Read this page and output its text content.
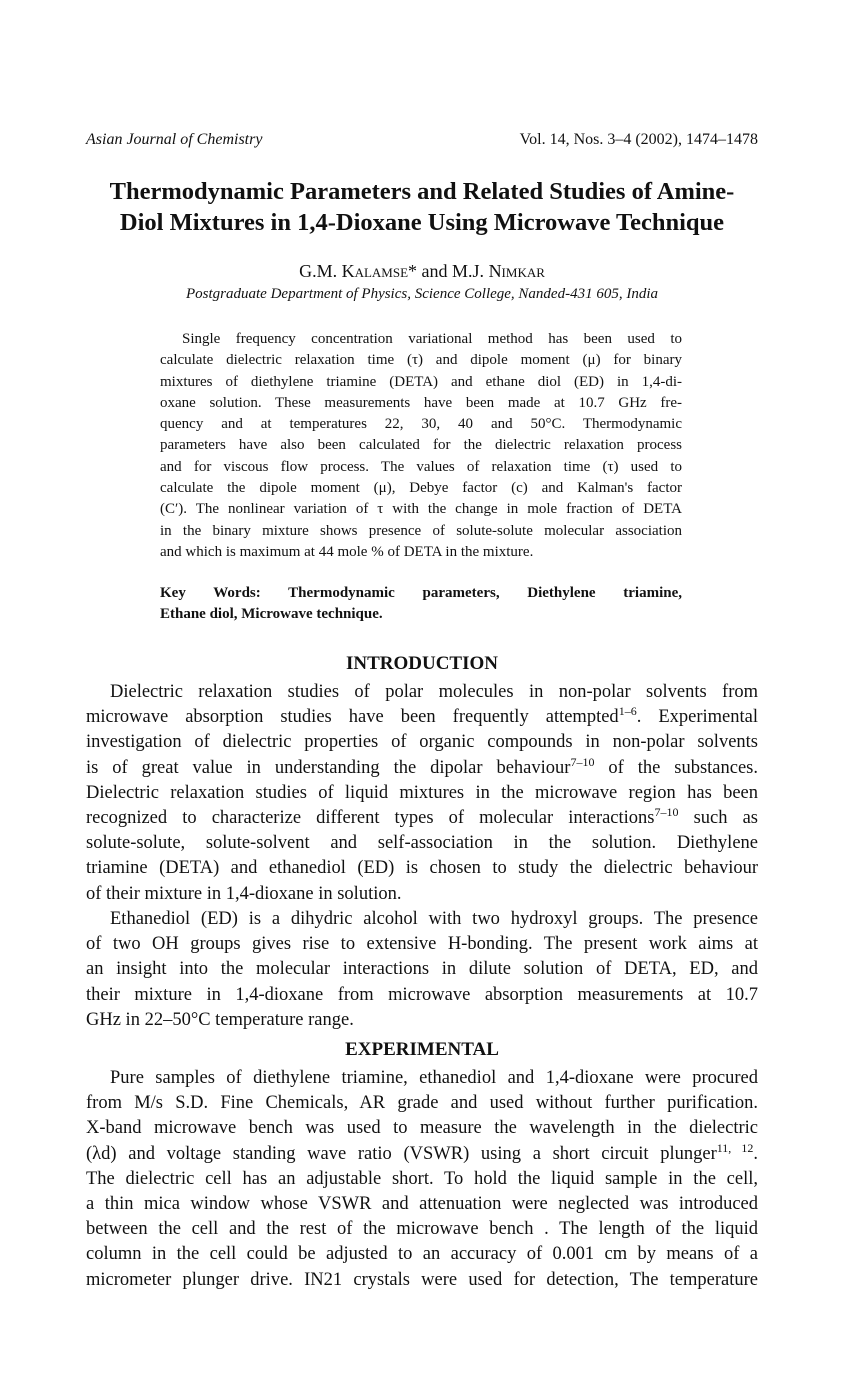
Asian Journal of Chemistry	Vol. 14, Nos. 3–4 (2002), 1474–1478
Thermodynamic Parameters and Related Studies of Amine-
Diol Mixtures in 1,4-Dioxane Using Microwave Technique
G.M. Kalamse* and M.J. Nimkar
Postgraduate Department of Physics, Science College, Nanded-431 605, India
Single frequency concentration variational method has been used to
calculate dielectric relaxation time (τ) and dipole moment (μ) for binary
mixtures of diethylene triamine (DETA) and ethane diol (ED) in 1,4-di-
oxane solution. These measurements have been made at 10.7 GHz fre-
quency and at temperatures 22, 30, 40 and 50°C. Thermodynamic
parameters have also been calculated for the dielectric relaxation process
and for viscous flow process. The values of relaxation time (τ) used to
calculate the dipole moment (μ), Debye factor (c) and Kalman's factor
(C′). The nonlinear variation of τ with the change in mole fraction of DETA
in the binary mixture shows presence of solute-solute molecular association
and which is maximum at 44 mole % of DETA in the mixture.
Key Words: Thermodynamic parameters, Diethylene triamine,
Ethane diol, Microwave technique.
INTRODUCTION
Dielectric relaxation studies of polar molecules in non-polar solvents from
microwave absorption studies have been frequently attempted$^{1-6}$. Experimental
investigation of dielectric properties of organic compounds in non-polar solvents
is of great value in understanding the dipolar behaviour$^{7-10}$ of the substances.
Dielectric relaxation studies of liquid mixtures in the microwave region has been
recognized to characterize different types of molecular interactions$^{7-10}$ such as
solute-solute, solute-solvent and self-association in the solution. Diethylene
triamine (DETA) and ethanediol (ED) is chosen to study the dielectric behaviour
of their mixture in 1,4-dioxane in solution.
Ethanediol (ED) is a dihydric alcohol with two hydroxyl groups. The presence
of two OH groups gives rise to extensive H-bonding. The present work aims at
an insight into the molecular interactions in dilute solution of DETA, ED, and
their mixture in 1,4-dioxane from microwave absorption measurements at 10.7
GHz in 22–50°C temperature range.
EXPERIMENTAL
Pure samples of diethylene triamine, ethanediol and 1,4-dioxane were procured
from M/s S.D. Fine Chemicals, AR grade and used without further purification.
X-band microwave bench was used to measure the wavelength in the dielectric
(λd) and voltage standing wave ratio (VSWR) using a short circuit plunger$^{11, 12}$.
The dielectric cell has an adjustable short. To hold the liquid sample in the cell,
a thin mica window whose VSWR and attenuation were neglected was introduced
between the cell and the rest of the microwave bench . The length of the liquid
column in the cell could be adjusted to an accuracy of 0.001 cm by means of a
micrometer plunger drive. IN21 crystals were used for detection, The temperature
